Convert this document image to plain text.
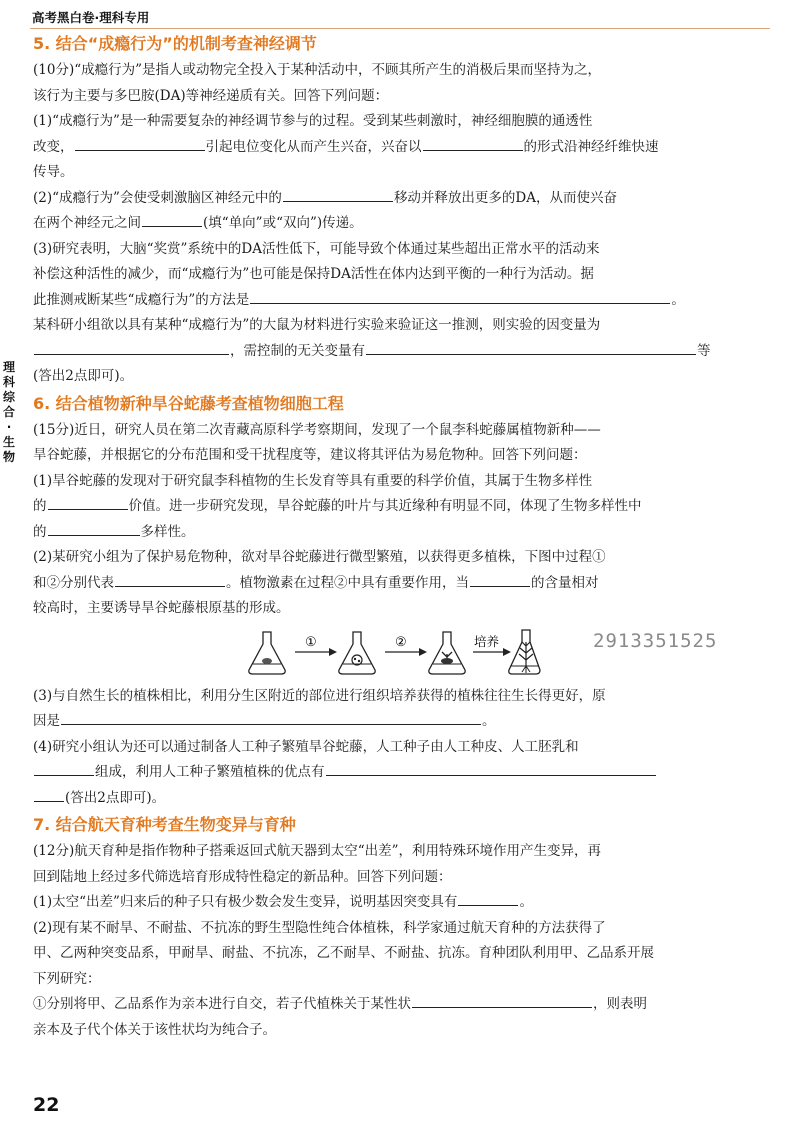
高考黑白卷·理科专用
理科综合·生物
5. 结合“成瘾行为”的机制考查神经调节

(10分)“成瘾行为”是指人或动物完全投入于某种活动中，不顾其所产生的消极后果而坚持为之，

该行为主要与多巴胺(DA)等神经递质有关。回答下列问题：

(1)“成瘾行为”是一种需要复杂的神经调节参与的过程。受到某些刺激时，神经细胞膜的通透性

改变，	引起电位变化从而产生兴奋，兴奋以	的形式沿神经纤维快速

传导。

(2)“成瘾行为”会使受刺激脑区神经元中的	移动并释放出更多的DA，从而使兴奋

在两个神经元之间	(填“单向”或“双向”)传递。

(3)研究表明，大脑“奖赏”系统中的DA活性低下，可能导致个体通过某些超出正常水平的活动来

补偿这种活性的减少，而“成瘾行为”也可能是保持DA活性在体内达到平衡的一种行为活动。据

此推测戒断某些“成瘾行为”的方法是	。

某科研小组欲以具有某种“成瘾行为”的大鼠为材料进行实验来验证这一推测，则实验的因变量为

，需控制的无关变量有	等

(答出2点即可)。

6. 结合植物新种旱谷蛇藤考查植物细胞工程

(15分)近日，研究人员在第二次青藏高原科学考察期间，发现了一个鼠李科蛇藤属植物新种——

旱谷蛇藤，并根据它的分布范围和受干扰程度等，建议将其评估为易危物种。回答下列问题：

(1)旱谷蛇藤的发现对于研究鼠李科植物的生长发育等具有重要的科学价值，其属于生物多样性

的	价值。进一步研究发现，旱谷蛇藤的叶片与其近缘种有明显不同，体现了生物多样性中

的	多样性。

(2)某研究小组为了保护易危物种，欲对旱谷蛇藤进行微型繁殖，以获得更多植株，下图中过程①

和②分别代表	。植物激素在过程②中具有重要作用，当	的含量相对

较高时，主要诱导旱谷蛇藤根原基的形成。

①	②	培养	2913351525

(3)与自然生长的植株相比，利用分生区附近的部位进行组织培养获得的植株往往生长得更好，原

因是	。

(4)研究小组认为还可以通过制备人工种子繁殖旱谷蛇藤，人工种子由人工种皮、人工胚乳和

组成，利用人工种子繁殖植株的优点有

(答出2点即可)。

7. 结合航天育种考查生物变异与育种

(12分)航天育种是指作物种子搭乘返回式航天器到太空“出差”，利用特殊环境作用产生变异，再

回到陆地上经过多代筛选培育形成特性稳定的新品种。回答下列问题：

(1)太空“出差”归来后的种子只有极少数会发生变异，说明基因突变具有	。

(2)现有某不耐旱、不耐盐、不抗冻的野生型隐性纯合体植株，科学家通过航天育种的方法获得了

甲、乙两种突变品系，甲耐旱、耐盐、不抗冻，乙不耐旱、不耐盐、抗冻。育种团队利用甲、乙品系开展

下列研究：

①分别将甲、乙品系作为亲本进行自交，若子代植株关于某性状	，则表明

亲本及子代个体关于该性状均为纯合子。

22
